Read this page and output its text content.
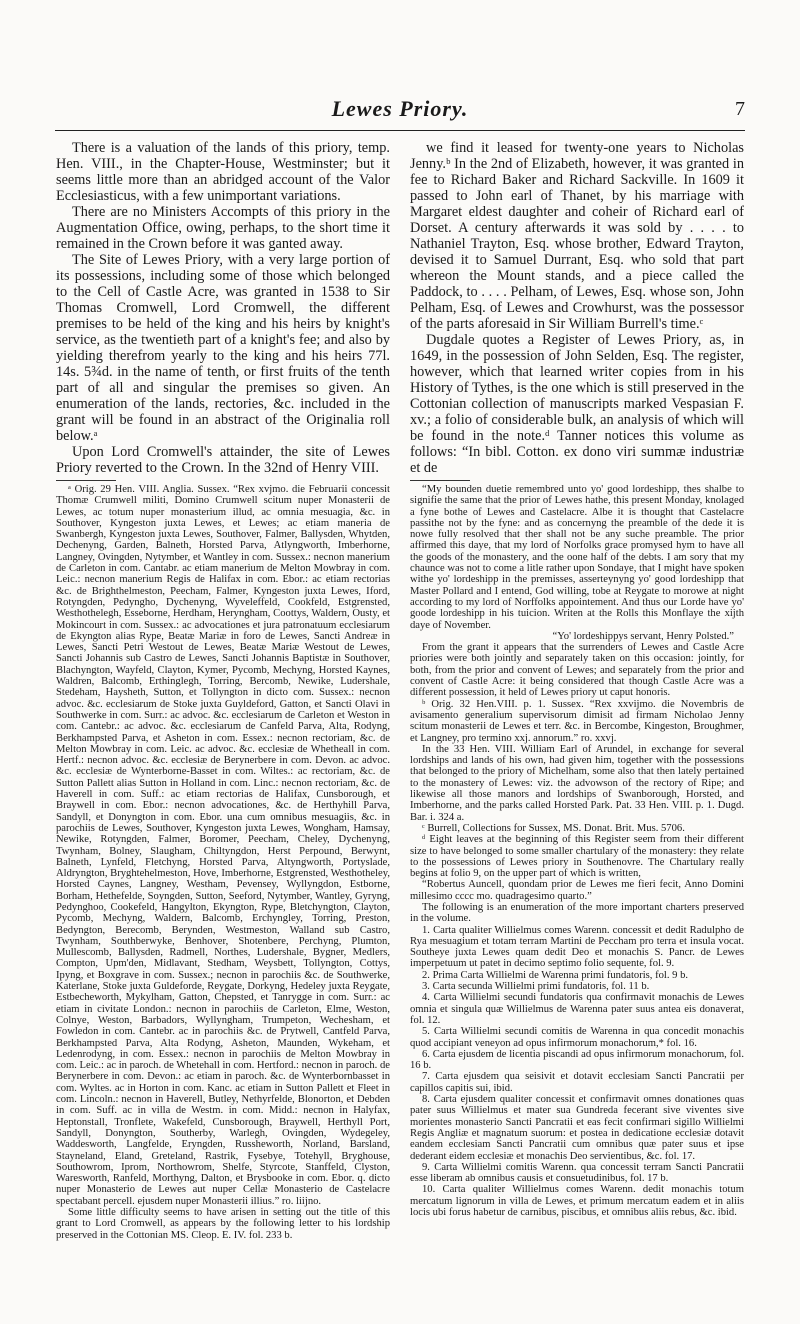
Lewes Priory.	7

There is a valuation of the lands of this priory, temp. Hen. VIII., in the Chapter-House, Westminster; but it seems little more than an abridged account of the Valor Ecclesiasticus, with a few unimportant variations.

There are no Ministers Accompts of this priory in the Augmentation Office, owing, perhaps, to the short time it remained in the Crown before it was ganted away.

The Site of Lewes Priory, with a very large portion of its possessions, including some of those which belonged to the Cell of Castle Acre, was granted in 1538 to Sir Thomas Cromwell, Lord Cromwell, the different premises to be held of the king and his heirs by knight's service, as the twentieth part of a knight's fee; and also by yielding therefrom yearly to the king and his heirs 77l. 14s. 5¾d. in the name of tenth, or first fruits of the tenth part of all and singular the premises so given. An enumeration of the lands, rectories, &c. included in the grant will be found in an abstract of the Originalia roll below.ᵃ

Upon Lord Cromwell's attainder, the site of Lewes Priory reverted to the Crown. In the 32nd of Henry VIII.

ᵃ Orig. 29 Hen. VIII. Anglia. Sussex. “Rex xvjmo. die Februarii concessit Thomæ Crumwell militi, Domino Crumwell scitum nuper Monasterii de Lewes, ac totum nuper monasterium illud, ac omnia mesuagia, &c. in Southover, Kyngeston juxta Lewes, et Lewes; ac etiam maneria de Swanbergh, Kyngeston juxta Lewes, Southover, Falmer, Ballysden, Whytden, Dechenyng, Garden, Balneth, Horsted Parva, Atlyngworth, Imberhorne, Langney, Ovingden, Nytymber, et Wantley in com. Sussex.: necnon manerium de Carleton in com. Cantabr. ac etiam manerium de Melton Mowbray in com. Leic.: necnon manerium Regis de Halifax in com. Ebor.: ac etiam rectorias &c. de Brighthelmeston, Peecham, Falmer, Kyngeston juxta Lewes, Iford, Rotyngden, Pedyngho, Dychenyng, Wyveleffeld, Cookfeld, Estgrensted, Westhothelegh, Esseborne, Herdham, Heryngham, Coottys, Waldern, Ousty, et Mokincourt in com. Sussex.: ac advocationes et jura patronatuum ecclesiarum de Ekyngton alias Rype, Beatæ Mariæ in foro de Lewes, Sancti Andreæ in Lewes, Sancti Petri Westout de Lewes, Beatæ Mariæ Westout de Lewes, Sancti Johannis sub Castro de Lewes, Sancti Johannis Baptistæ in Southover, Blachyngton, Wayfeld, Clayton, Kymer, Pycomb, Mechyng, Horsted Kaynes, Waldren, Balcomb, Erthinglegh, Torring, Bercomb, Newike, Ludershale, Stedeham, Haysheth, Sutton, et Tollyngton in dicto com. Sussex.: necnon advoc. &c. ecclesiarum de Stoke juxta Guyldeford, Gatton, et Sancti Olavi in Southwerke in com. Surr.: ac advoc. &c. ecclesiarum de Carleton et Weston in com. Cantebr.: ac advoc. &c. ecclesiarum de Canfeld Parva, Alta, Rodyng, Berkhampsted Parva, et Asheton in com. Essex.: necnon rectoriam, &c. de Melton Mowbray in com. Leic. ac advoc. &c. ecclesiæ de Whetheall in com. Hertf.: necnon advoc. &c. ecclesiæ de Berynerbere in com. Devon. ac advoc. &c. ecclesiæ de Wynterborne-Basset in com. Wiltes.: ac rectoriam, &c. de Sutton Pallett alias Sutton in Holland in com. Linc.: necnon rectoriam, &c. de Haverell in com. Suff.: ac etiam rectorias de Halifax, Cunsborough, et Braywell in com. Ebor.: necnon advocationes, &c. de Herthyhill Parva, Sandyll, et Donyngton in com. Ebor. una cum omnibus mesuagiis, &c. in parochiis de Lewes, Southover, Kyngeston juxta Lewes, Wongham, Hamsay, Newike, Rotyngden, Falmer, Boromer, Peecham, Cheley, Dychenyng, Twynham, Bolney, Slaugham, Chiltyngdon, Herst Perpound, Berwynt, Balneth, Lynfeld, Fletchyng, Horsted Parva, Altyngworth, Portyslade, Aldryngton, Bryghtehelmeston, Hove, Imberhorne, Estgrensted, Westhotheley, Horsted Caynes, Langney, Westham, Pevensey, Wyllyngdon, Estborne, Borham, Hethefelde, Soyngden, Sutton, Seeford, Nytymber, Wantley, Gyryng, Pedynghoo, Cookefeld, Hangylton, Ekyngton, Rype, Bletchyngton, Clayton, Pycomb, Mechyng, Waldern, Balcomb, Erchyngley, Torring, Preston, Bedyngton, Berecomb, Berynden, Westmeston, Walland sub Castro, Twynham, Southberwyke, Benhover, Shotenbere, Perchyng, Plumton, Mullescomb, Ballysden, Radmell, Northes, Ludershale, Bygner, Medlers, Compton, Upm'den, Midlavant, Stedham, Weysbett, Tollyngton, Cottys, Ipyng, et Boxgrave in com. Sussex.; necnon in parochiis &c. de Southwerke, Katerlane, Stoke juxta Guldeforde, Reygate, Dorkyng, Hedeley juxta Reygate, Estbecheworth, Mykylham, Gatton, Chepsted, et Tanrygge in com. Surr.: ac etiam in civitate London.: necnon in parochiis de Carleton, Elme, Weston, Colnye, Weston, Barbadors, Wyllyngham, Trumpeton, Wechesham, et Fowledon in com. Cantebr. ac in parochiis &c. de Prytwell, Cantfeld Parva, Berkhampsted Parva, Alta Rodyng, Asheton, Maunden, Wykeham, et Ledenrodyng, in com. Essex.: necnon in parochiis de Melton Mowbray in com. Leic.: ac in paroch. de Whetehall in com. Hertford.: necnon in paroch. de Berynerbere in com. Devon.: ac etiam in paroch. &c. de Wynterbornbasset in com. Wyltes. ac in Horton in com. Kanc. ac etiam in Sutton Pallett et Fleet in com. Lincoln.: necnon in Haverell, Butley, Nethyrfelde, Blonorton, et Debden in com. Suff. ac in villa de Westm. in com. Midd.: necnon in Halyfax, Heptonstall, Tronflete, Wakefeld, Cunsborough, Braywell, Herthyll Port, Sandyll, Donyngton, Southerby, Warlegh, Ovingden, Wydegeley, Waddesworth, Langfelde, Eryngden, Russheworth, Norland, Barsland, Stayneland, Eland, Greteland, Rastrik, Fysebye, Totehyll, Bryghouse, Southowrom, Iprom, Northowrom, Shelfe, Styrcote, Stanffeld, Clyston, Waresworth, Ranfeld, Morthyng, Dalton, et Brysbooke in com. Ebor. q. dicto nuper Monasterio de Lewes aut nuper Cellæ Monasterio de Castelacre spectabant percell. ejusdem nuper Monasterii illius.” ro. liijno.

Some little difficulty seems to have arisen in setting out the title of this grant to Lord Cromwell, as appears by the following letter to his lordship preserved in the Cottonian MS. Cleop. E. IV. fol. 233 b.

we find it leased for twenty-one years to Nicholas Jenny.ᵇ In the 2nd of Elizabeth, however, it was granted in fee to Richard Baker and Richard Sackville. In 1609 it passed to John earl of Thanet, by his marriage with Margaret eldest daughter and coheir of Richard earl of Dorset. A century afterwards it was sold by . . . . to Nathaniel Trayton, Esq. whose brother, Edward Trayton, devised it to Samuel Durrant, Esq. who sold that part whereon the Mount stands, and a piece called the Paddock, to . . . . Pelham, of Lewes, Esq. whose son, John Pelham, Esq. of Lewes and Crowhurst, was the possessor of the parts aforesaid in Sir William Burrell's time.ᶜ

Dugdale quotes a Register of Lewes Priory, as, in 1649, in the possession of John Selden, Esq. The register, however, which that learned writer copies from in his History of Tythes, is the one which is still preserved in the Cottonian collection of manuscripts marked Vespasian F. xv.; a folio of considerable bulk, an analysis of which will be found in the note.ᵈ Tanner notices this volume as follows: “In bibl. Cotton. ex dono viri summæ industriæ et de

“My bounden duetie remembred unto yo' good lordeshipp, thes shalbe to signifie the same that the prior of Lewes hathe, this present Monday, knolaged a fyne bothe of Lewes and Castelacre. Albe it is thought that Castelacre passithe not by the fyne: and as concernyng the preamble of the dede it is nowe fully resolved that ther shall not be any suche preamble. The prior affirmed this daye, that my lord of Norfolks grace promysed hym to have all the goods of the monastery, and the oone half of the debts. I am sory that my chaunce was not to come a litle rather upon Sondaye, that I might have spoken withe yo' lordeshipp in the premisses, asserteynyng yo' good lordeshipp that Master Pollard and I entend, God willing, tobe at Reygate to morowe at night according to my lord of Norffolks appointement. And thus our Lorde have yo' goode lordeshipp in his tuicion. Writen at the Rolls this Monflaye the xijth daye of November.

“Yo' lordeshippys servant, Henry Polsted.”

From the grant it appears that the surrenders of Lewes and Castle Acre priories were both jointly and separately taken on this occasion: jointly, for both, from the prior and convent of Lewes; and separately from the prior and convent of Castle Acre: it being considered that though Castle Acre was a different possession, it held of Lewes priory ut caput honoris.

ᵇ Orig. 32 Hen.VIII. p. 1. Sussex. “Rex xxvijmo. die Novembris de avisamento generalium supervisorum dimisit ad firmam Nicholao Jenny scitum monasterii de Lewes et terr. &c. in Bercombe, Kingeston, Broughmer, et Langney, pro termino xxj. annorum.” ro. xxvj.

In the 33 Hen. VIII. William Earl of Arundel, in exchange for several lordships and lands of his own, had given him, together with the possessions that belonged to the priory of Michelham, some also that then lately pertained to the monastery of Lewes: viz. the advowson of the rectory of Ripe; and likewise all those manors and lordships of Swanborough, Horsted, and Imberhorne, and the parks called Horsted Park. Pat. 33 Hen. VIII. p. 1. Dugd. Bar. i. 324 a.

ᶜ Burrell, Collections for Sussex, MS. Donat. Brit. Mus. 5706.

ᵈ Eight leaves at the beginning of this Register seem from their different size to have belonged to some smaller chartulary of the monastery: they relate to the possessions of Lewes priory in Southenovre. The Chartulary really begins at folio 9, on the upper part of which is written,

“Robertus Auncell, quondam prior de Lewes me fieri fecit, Anno Domini millesimo cccc mo. quadragesimo quarto.”

The following is an enumeration of the more important charters preserved in the volume.

1. Carta qualiter Willielmus comes Warenn. concessit et dedit Radulpho de Rya mesuagium et totam terram Martini de Peccham pro terra et insula vocat. Southeye juxta Lewes quam dedit Deo et monachis S. Pancr. de Lewes imperpetuum ut patet in decimo septimo folio sequente, fol. 9.

2. Prima Carta Willielmi de Warenna primi fundatoris, fol. 9 b.

3. Carta secunda Willielmi primi fundatoris, fol. 11 b.

4. Carta Willielmi secundi fundatoris qua confirmavit monachis de Lewes omnia et singula quæ Willielmus de Warenna pater suus antea eis donaverat, fol. 12.

5. Carta Willielmi secundi comitis de Warenna in qua concedit monachis quod accipiant veneyon ad opus infirmorum monachorum,* fol. 16.

6. Carta ejusdem de licentia piscandi ad opus infirmorum monachorum, fol. 16 b.

7. Carta ejusdem qua seisivit et dotavit ecclesiam Sancti Pancratii per capillos capitis sui, ibid.

8. Carta ejusdem qualiter concessit et confirmavit omnes donationes quas pater suus Willielmus et mater sua Gundreda fecerant sive viventes sive morientes monasterio Sancti Pancratii et eas fecit confirmari sigillo Willielmi Regis Angliæ et magnatum suorum: et postea in dedicatione ecclesiæ dotavit eandem ecclesiam Sancti Pancratii cum omnibus quæ pater suus et ipse dederant eidem ecclesiæ et monachis Deo servientibus, &c. fol. 17.

9. Carta Willielmi comitis Warenn. qua concessit terram Sancti Pancratii esse liberam ab omnibus causis et consuetudinibus, fol. 17 b.

10. Carta qualiter Willielmus comes Warenn. dedit monachis totum mercatum lignorum in villa de Lewes, et primum mercatum eadem et in aliis locis ubi forus habetur de carnibus, piscibus, et omnibus aliis rebus, &c. ibid.
